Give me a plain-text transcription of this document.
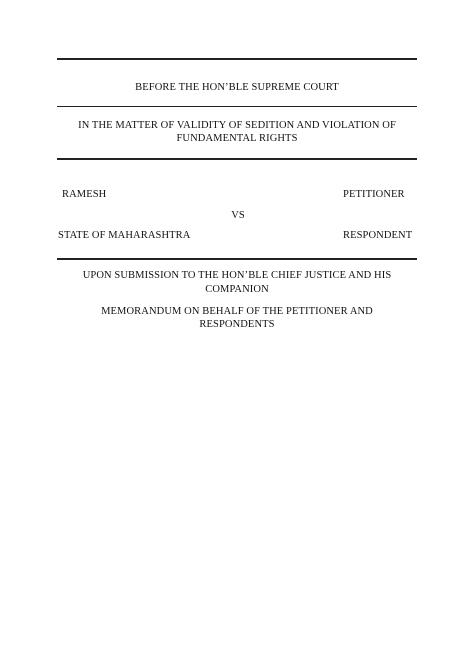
BEFORE THE HON’BLE SUPREME COURT
IN THE MATTER OF VALIDITY OF SEDITION AND VIOLATION OF
FUNDAMENTAL RIGHTS
RAMESH	PETITIONER
VS
STATE OF MAHARASHTRA	RESPONDENT
UPON SUBMISSION TO THE HON’BLE CHIEF JUSTICE AND HIS
COMPANION
MEMORANDUM ON BEHALF OF THE PETITIONER AND
RESPONDENTS
